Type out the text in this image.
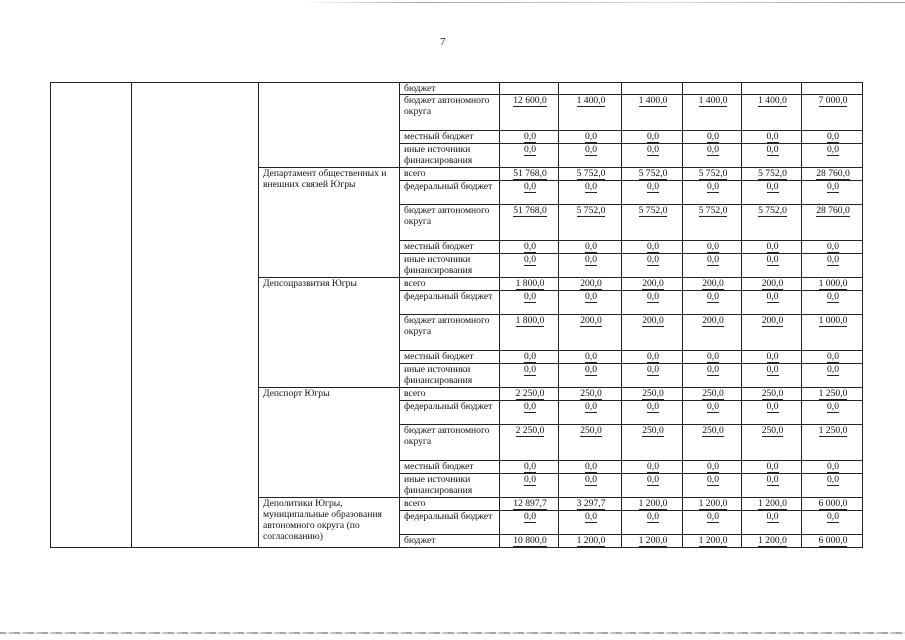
7
			бюджет						
			бюджет автономного округа	12 600,0	1 400,0	1 400,0	1 400,0	1 400,0	7 000,0
			местный бюджет	0,0	0,0	0,0	0,0	0,0	0,0
			иные источники финансирования	0,0	0,0	0,0	0,0	0,0	0,0
		Департамент общественных и внешних связей Югры	всего	51 768,0	5 752,0	5 752,0	5 752,0	5 752,0	28 760,0
			федеральный бюджет	0,0	0,0	0,0	0,0	0,0	0,0
			бюджет автономного округа	51 768,0	5 752,0	5 752,0	5 752,0	5 752,0	28 760,0
			местный бюджет	0,0	0,0	0,0	0,0	0,0	0,0
			иные источники финансирования	0,0	0,0	0,0	0,0	0,0	0,0
		Депсоцразвития Югры	всего	1 800,0	200,0	200,0	200,0	200,0	1 000,0
			федеральный бюджет	0,0	0,0	0,0	0,0	0,0	0,0
			бюджет автономного округа	1 800,0	200,0	200,0	200,0	200,0	1 000,0
			местный бюджет	0,0	0,0	0,0	0,0	0,0	0,0
			иные источники финансирования	0,0	0,0	0,0	0,0	0,0	0,0
		Депспорт Югры	всего	2 250,0	250,0	250,0	250,0	250,0	1 250,0
			федеральный бюджет	0,0	0,0	0,0	0,0	0,0	0,0
			бюджет автономного округа	2 250,0	250,0	250,0	250,0	250,0	1 250,0
			местный бюджет	0,0	0,0	0,0	0,0	0,0	0,0
			иные источники финансирования	0,0	0,0	0,0	0,0	0,0	0,0
		Деполитики Югры, муниципальные образования автономного округа (по согласованию)	всего	12 897,7	3 297,7	1 200,0	1 200,0	1 200,0	6 000,0
			федеральный бюджет	0,0	0,0	0,0	0,0	0,0	0,0
			бюджет	10 800,0	1 200,0	1 200,0	1 200,0	1 200,0	6 000,0
